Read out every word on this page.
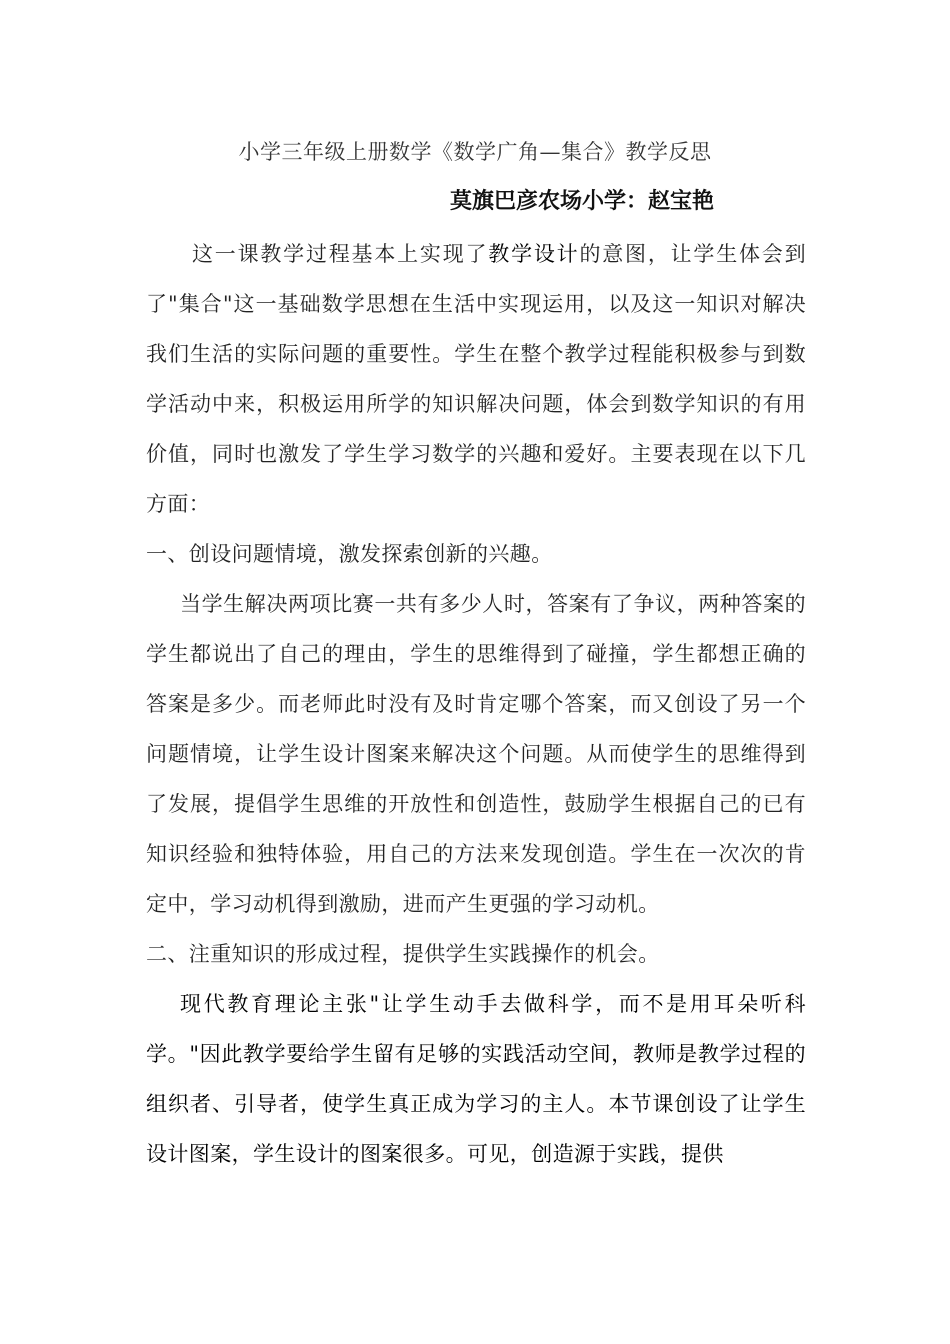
小学三年级上册数学《数学广角—集合》教学反思
莫旗巴彦农场小学：赵宝艳

这一课教学过程基本上实现了教学设计的意图，让学生体会到了"集合"这一基础数学思想在生活中实现运用，以及这一知识对解决我们生活的实际问题的重要性。学生在整个教学过程能积极参与到数学活动中来，积极运用所学的知识解决问题，体会到数学知识的有用价值，同时也激发了学生学习数学的兴趣和爱好。主要表现在以下几方面：

一、创设问题情境，激发探索创新的兴趣。

当学生解决两项比赛一共有多少人时，答案有了争议，两种答案的学生都说出了自己的理由，学生的思维得到了碰撞，学生都想正确的答案是多少。而老师此时没有及时肯定哪个答案，而又创设了另一个问题情境，让学生设计图案来解决这个问题。从而使学生的思维得到了发展，提倡学生思维的开放性和创造性，鼓励学生根据自己的已有知识经验和独特体验，用自己的方法来发现创造。学生在一次次的肯定中，学习动机得到激励，进而产生更强的学习动机。

二、注重知识的形成过程，提供学生实践操作的机会。

现代教育理论主张"让学生动手去做科学，而不是用耳朵听科学。"因此教学要给学生留有足够的实践活动空间，教师是教学过程的组织者、引导者，使学生真正成为学习的主人。本节课创设了让学生设计图案，学生设计的图案很多。可见，创造源于实践，提供
